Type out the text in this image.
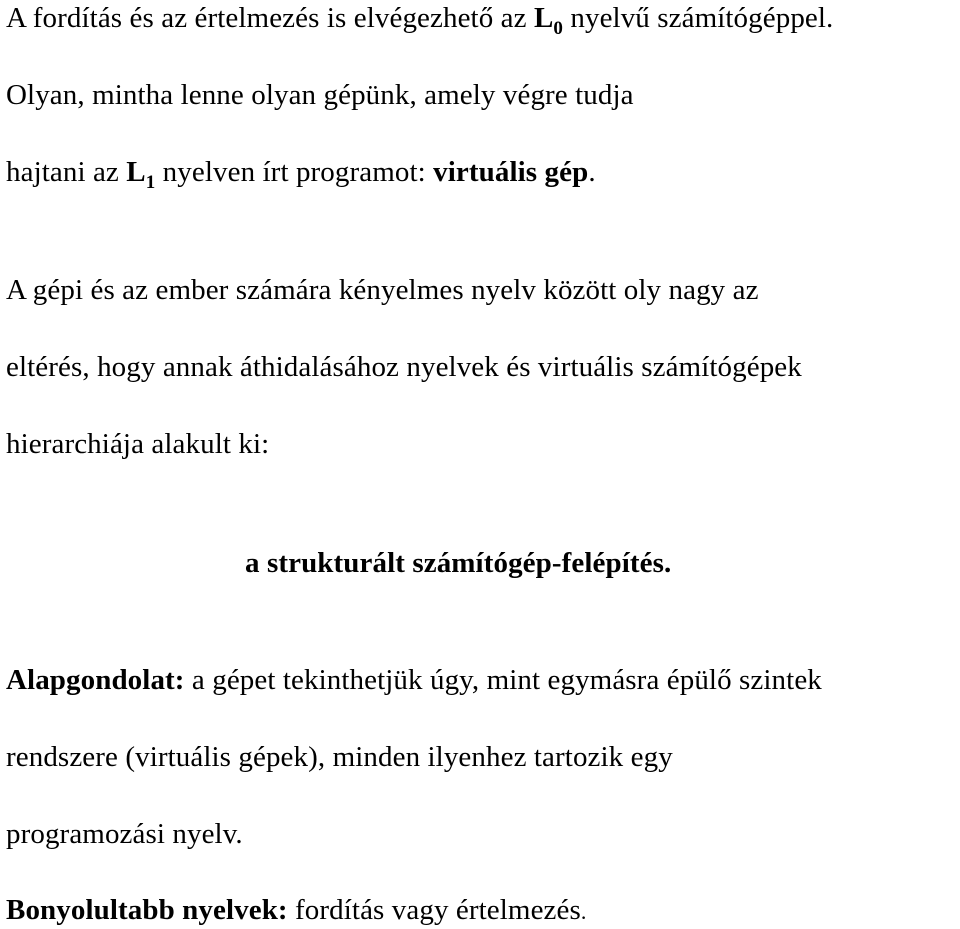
A fordítás és az értelmezés is elvégezhető az $L_0$ nyelvű számítógéppel.
Olyan, mintha lenne olyan gépünk, amely végre tudja
hajtani az $L_1$ nyelven írt programot: virtuális gép.
A gépi és az ember számára kényelmes nyelv között oly nagy az
eltérés, hogy annak áthidalásához nyelvek és virtuális számítógépek
hierarchiája alakult ki:
a strukturált számítógép-felépítés.
Alapgondolat: a gépet tekinthetjük úgy, mint egymásra épülő szintek
rendszere (virtuális gépek), minden ilyenhez tartozik egy
programozási nyelv.
Bonyolultabb nyelvek: fordítás vagy értelmezés.
